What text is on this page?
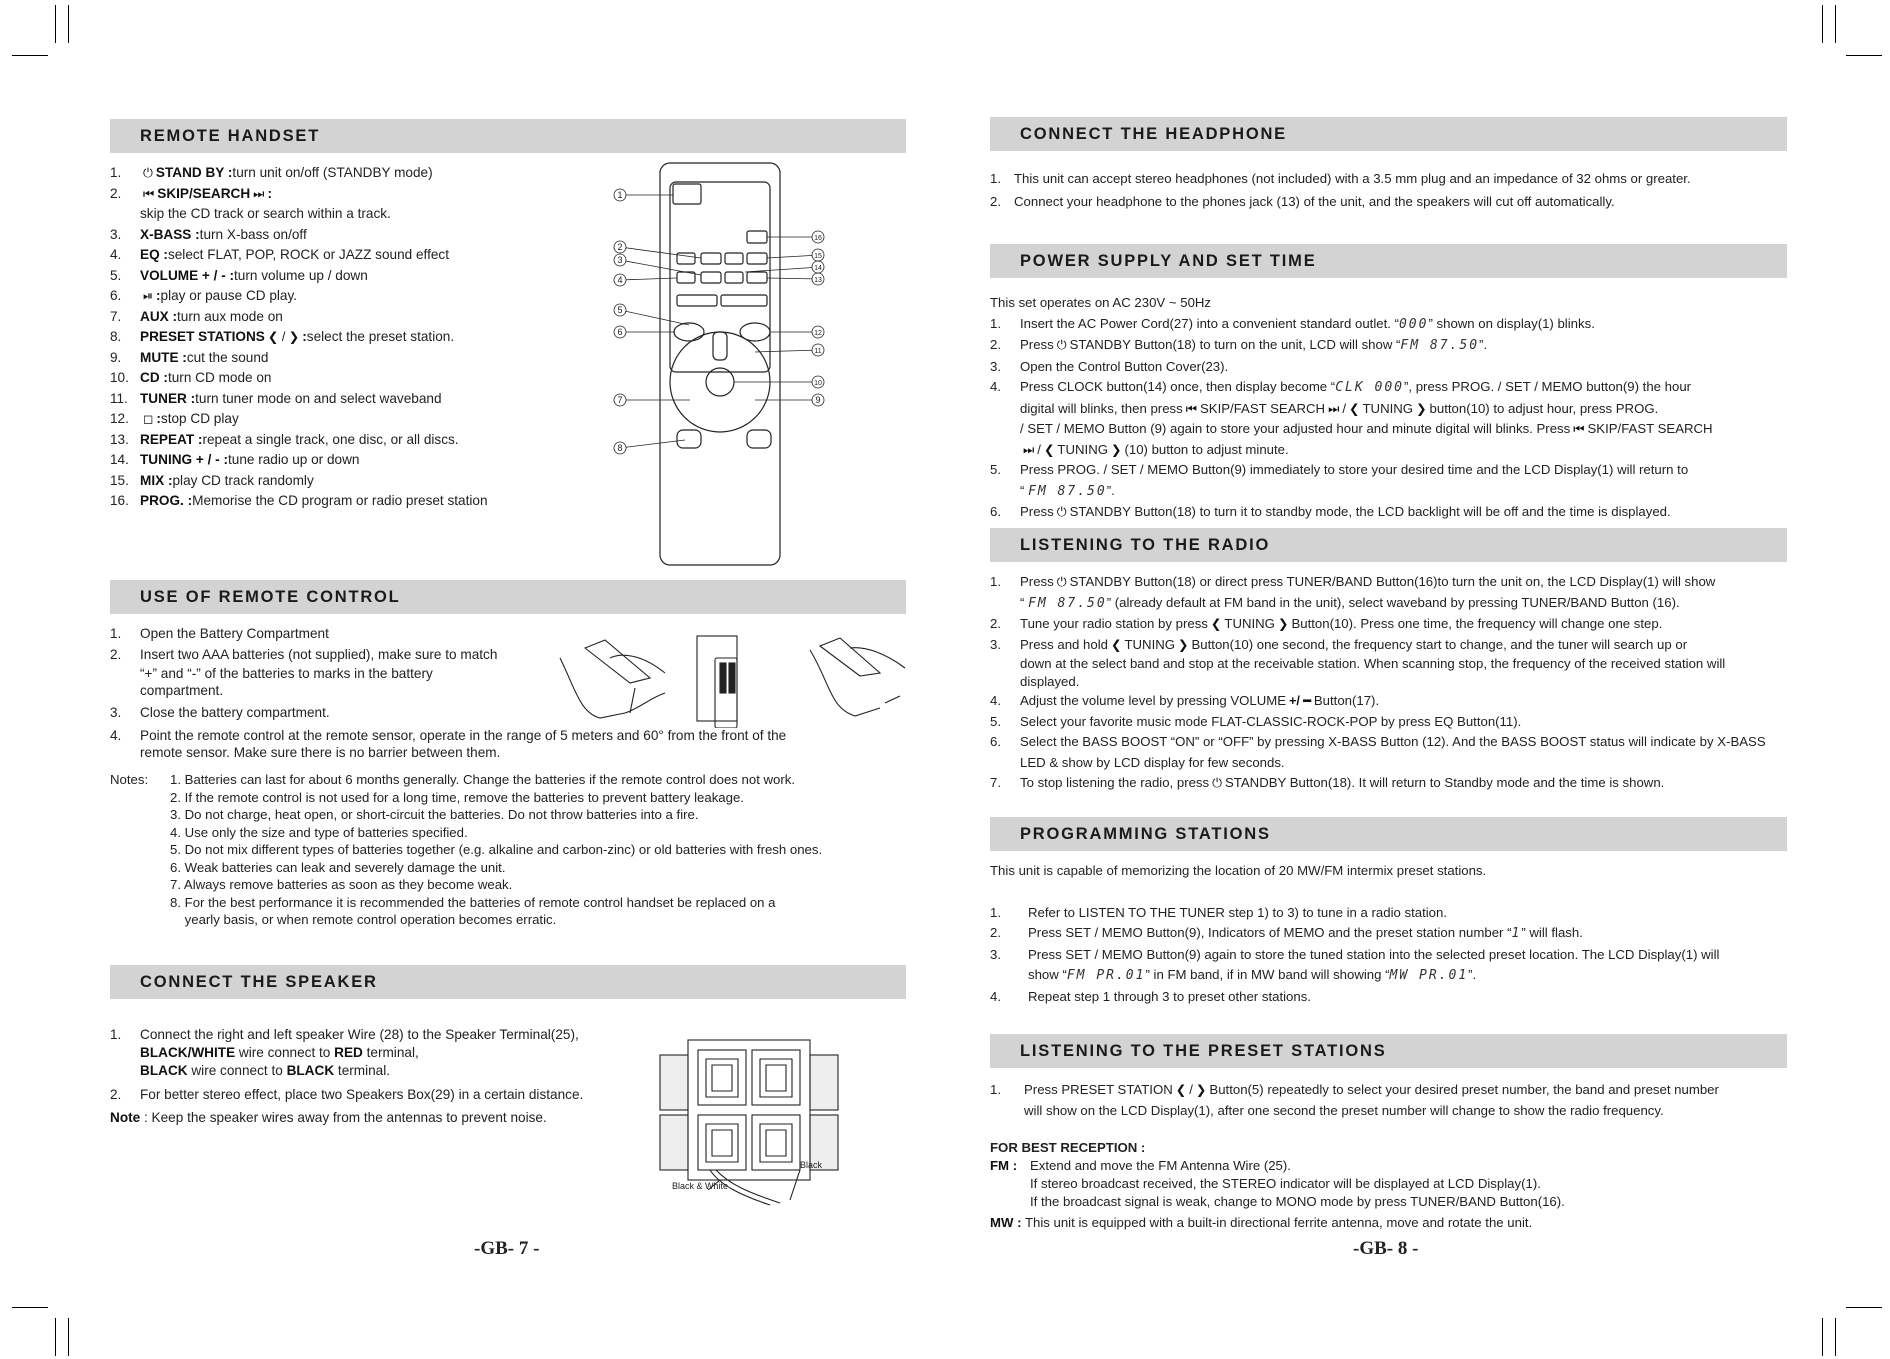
REMOTE HANDSET
1.	⏻ STAND BY : turn unit on/off (STANDBY mode)
2.	⏮ SKIP/SEARCH ⏭ :
skip the CD track or search within a track.
3.	X-BASS : turn X-bass on/off
4.	EQ : select FLAT, POP, ROCK or JAZZ sound effect
5.	VOLUME + / - : turn volume up / down
6.	⏯ : play or pause CD play.
7.	AUX : turn aux mode on
8.	PRESET STATIONS ❮ / ❯ : select the preset station.
9.	MUTE : cut the sound
10. CD : turn CD mode on
11. TUNER : turn tuner mode on and select waveband
12.	◻ : stop CD play
13. REPEAT : repeat a single track, one disc, or all discs.
14. TUNING + / - : tune radio up or down
15. MIX : play CD track randomly
16. PROG. : Memorise the CD program or radio preset station
1
2
3
4
5
6
7
8
9
10
11
12
13
14
15
16
USE OF REMOTE CONTROL
1.	Open the Battery Compartment
2.	Insert two AAA batteries (not supplied), make sure to match
“+” and “-” of the batteries to marks in the battery
compartment.
3.	Close the battery compartment.
4.	Point the remote control at the remote sensor, operate in the range of 5 meters and 60° from the front of the
remote sensor. Make sure there is no barrier between them.
Notes:	1. Batteries can last for about 6 months generally. Change the batteries if the remote control does not work.
2. If the remote control is not used for a long time, remove the batteries to prevent battery leakage.
3. Do not charge, heat open, or short-circuit the batteries. Do not throw batteries into a fire.
4. Use only the size and type of batteries specified.
5. Do not mix different types of batteries together (e.g. alkaline and carbon-zinc) or old batteries with fresh ones.
6. Weak batteries can leak and severely damage the unit.
7. Always remove batteries as soon as they become weak.
8. For the best performance it is recommended the batteries of remote control handset be replaced on a
yearly basis, or when remote control operation becomes erratic.
CONNECT THE SPEAKER
1.	Connect the right and left speaker Wire (28) to the Speaker Terminal(25),
BLACK/WHITE wire connect to RED terminal,
BLACK wire connect to BLACK terminal.
2.	For better stereo effect, place two Speakers Box(29) in a certain distance.
Note : Keep the speaker wires away from the antennas to prevent noise.
Black & White
Black
-GB- 7 -
CONNECT THE HEADPHONE
1. This unit can accept stereo headphones (not included) with a 3.5 mm plug and an impedance of 32 ohms or greater.
2. Connect your headphone to the phones jack (13) of the unit, and the speakers will cut off automatically.
POWER SUPPLY AND SET TIME
This set operates on AC 230V ~ 50Hz
1.	Insert the AC Power Cord(27) into a convenient standard outlet. “000” shown on display(1) blinks.
2.	Press ⏻ STANDBY Button(18) to turn on the unit, LCD will show “FM 87.50”.
3.	Open the Control Button Cover(23).
4.	Press CLOCK button(14) once, then display become “CLK 000”, press PROG. / SET / MEMO button(9) the hour
digital will blinks, then press ⏮ SKIP/FAST SEARCH ⏭ / ❮ TUNING ❯ button(10) to adjust hour, press PROG.
/ SET / MEMO Button (9) again to store your adjusted hour and minute digital will blinks. Press ⏮ SKIP/FAST SEARCH
⏭ / ❮ TUNING ❯ (10) button to adjust minute.
5.	Press PROG. / SET / MEMO Button(9) immediately to store your desired time and the LCD Display(1) will return to
“ FM 87.50”.
6.	Press ⏻ STANDBY Button(18) to turn it to standby mode, the LCD backlight will be off and the time is displayed.
LISTENING TO THE RADIO
1.	Press ⏻ STANDBY Button(18) or direct press TUNER/BAND Button(16)to turn the unit on, the LCD Display(1) will show
“ FM 87.50” (already default at FM band in the unit), select waveband by pressing TUNER/BAND Button (16).
2.	Tune your radio station by press ❮ TUNING ❯ Button(10). Press one time, the frequency will change one step.
3.	Press and hold ❮ TUNING ❯ Button(10) one second, the frequency start to change, and the tuner will search up or
down at the select band and stop at the receivable station. When scanning stop, the frequency of the received station will
displayed.
4.	Adjust the volume level by pressing VOLUME +/ ━ Button(17).
5.	Select your favorite music mode FLAT-CLASSIC-ROCK-POP by press EQ Button(11).
6.	Select the BASS BOOST “ON” or “OFF” by pressing X-BASS Button (12). And the BASS BOOST status will indicate by X-BASS
LED & show by LCD display for few seconds.
7.	To stop listening the radio, press ⏻ STANDBY Button(18). It will return to Standby mode and the time is shown.
PROGRAMMING STATIONS
This unit is capable of memorizing the location of 20 MW/FM intermix preset stations.
1.	Refer to LISTEN TO THE TUNER step 1) to 3) to tune in a radio station.
2.	Press SET / MEMO Button(9), Indicators of MEMO and the preset station number “1” will flash.
3.	Press SET / MEMO Button(9) again to store the tuned station into the selected preset location. The LCD Display(1) will
show “FM PR.01” in FM band, if in MW band will showing “MW PR.01”.
4.	Repeat step 1 through 3 to preset other stations.
LISTENING TO THE PRESET STATIONS
1.	Press PRESET STATION ❮ / ❯ Button(5) repeatedly to select your desired preset number, the band and preset number
will show on the LCD Display(1), after one second the preset number will change to show the radio frequency.
FOR BEST RECEPTION :
FM : Extend and move the FM Antenna Wire (25).
If stereo broadcast received, the STEREO indicator will be displayed at LCD Display(1).
If the broadcast signal is weak, change to MONO mode by press TUNER/BAND Button(16).
MW : This unit is equipped with a built-in directional ferrite antenna, move and rotate the unit.
-GB- 8 -
